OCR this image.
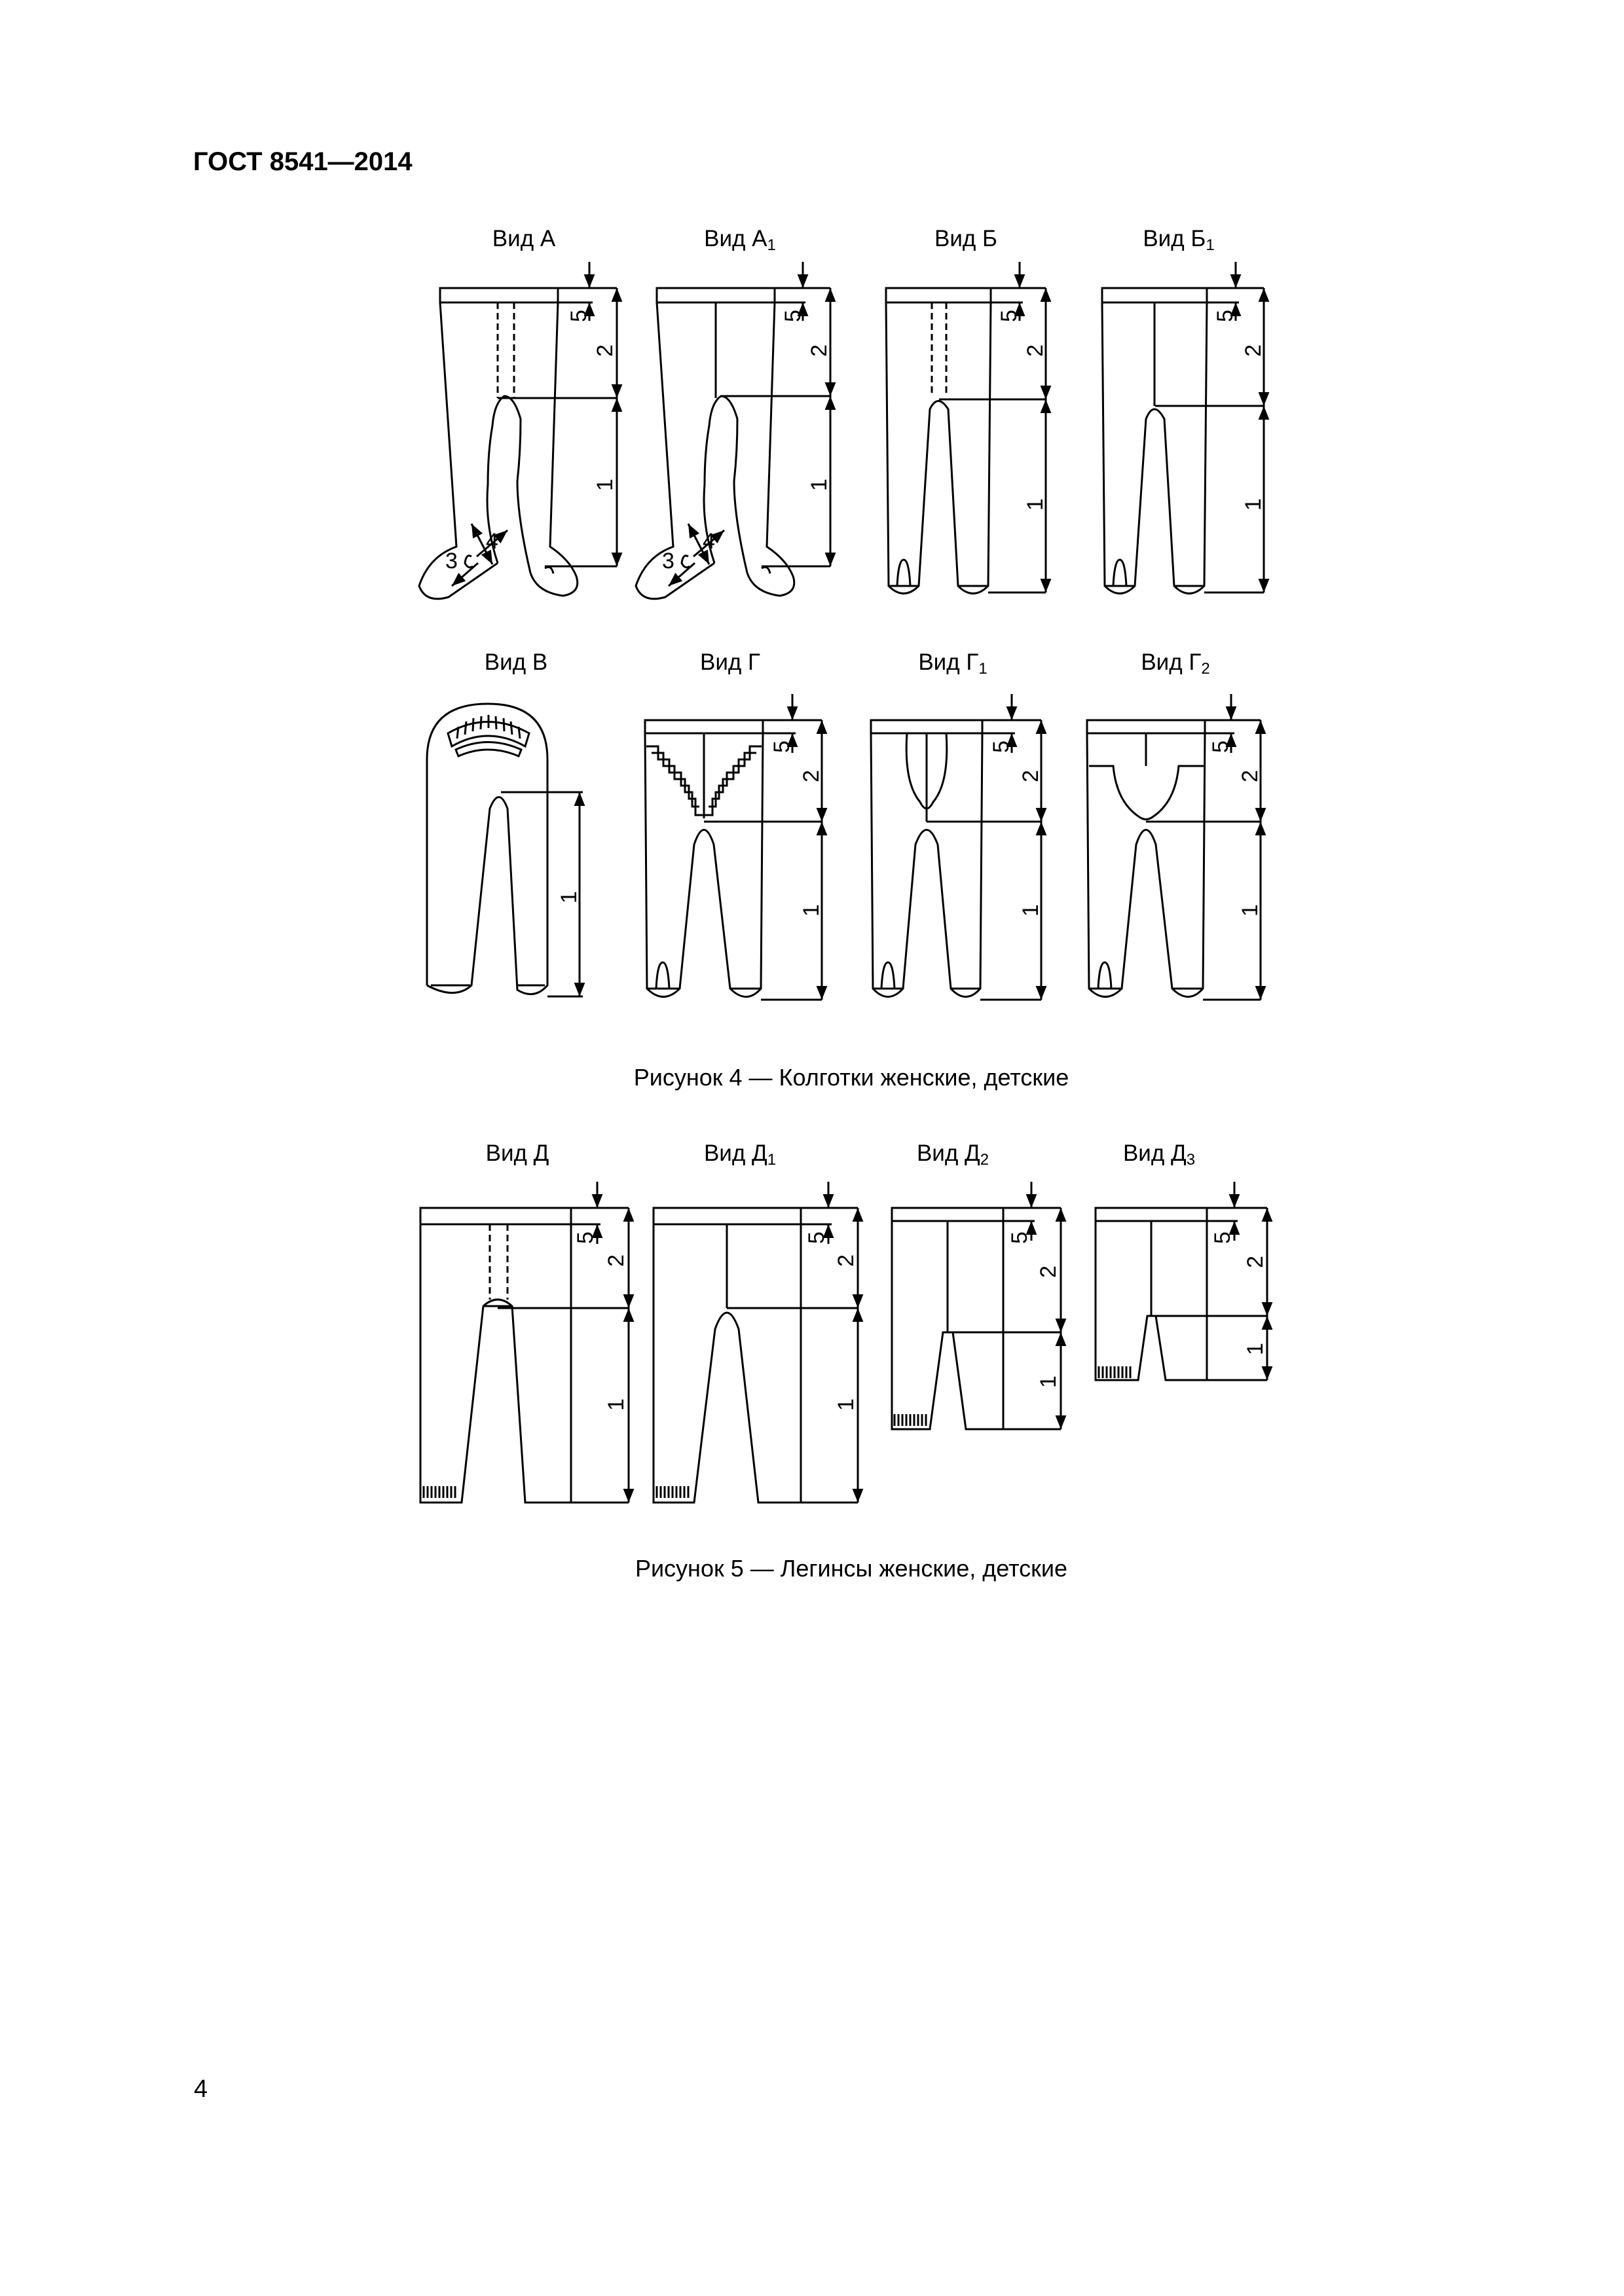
ГОСТ 8541—2014
Вид А	Вид $А_1$	Вид Б	Вид $Б_1$
Вид В	Вид Г	Вид $Г_1$	Вид $Г_2$
Вид Д	Вид $Д_1$	Вид $Д_2$	Вид $Д_3$
5
2
1
3
4
5
2
1
3
4
5
2
1
5
2
1
1
5
2
1
5
2
1
5
2
1
5
2
1
5
2
1
5
2
1
5
2
1
Рисунок 4 — Колготки женские, детские
Рисунок 5 — Легинсы женские, детские
4
